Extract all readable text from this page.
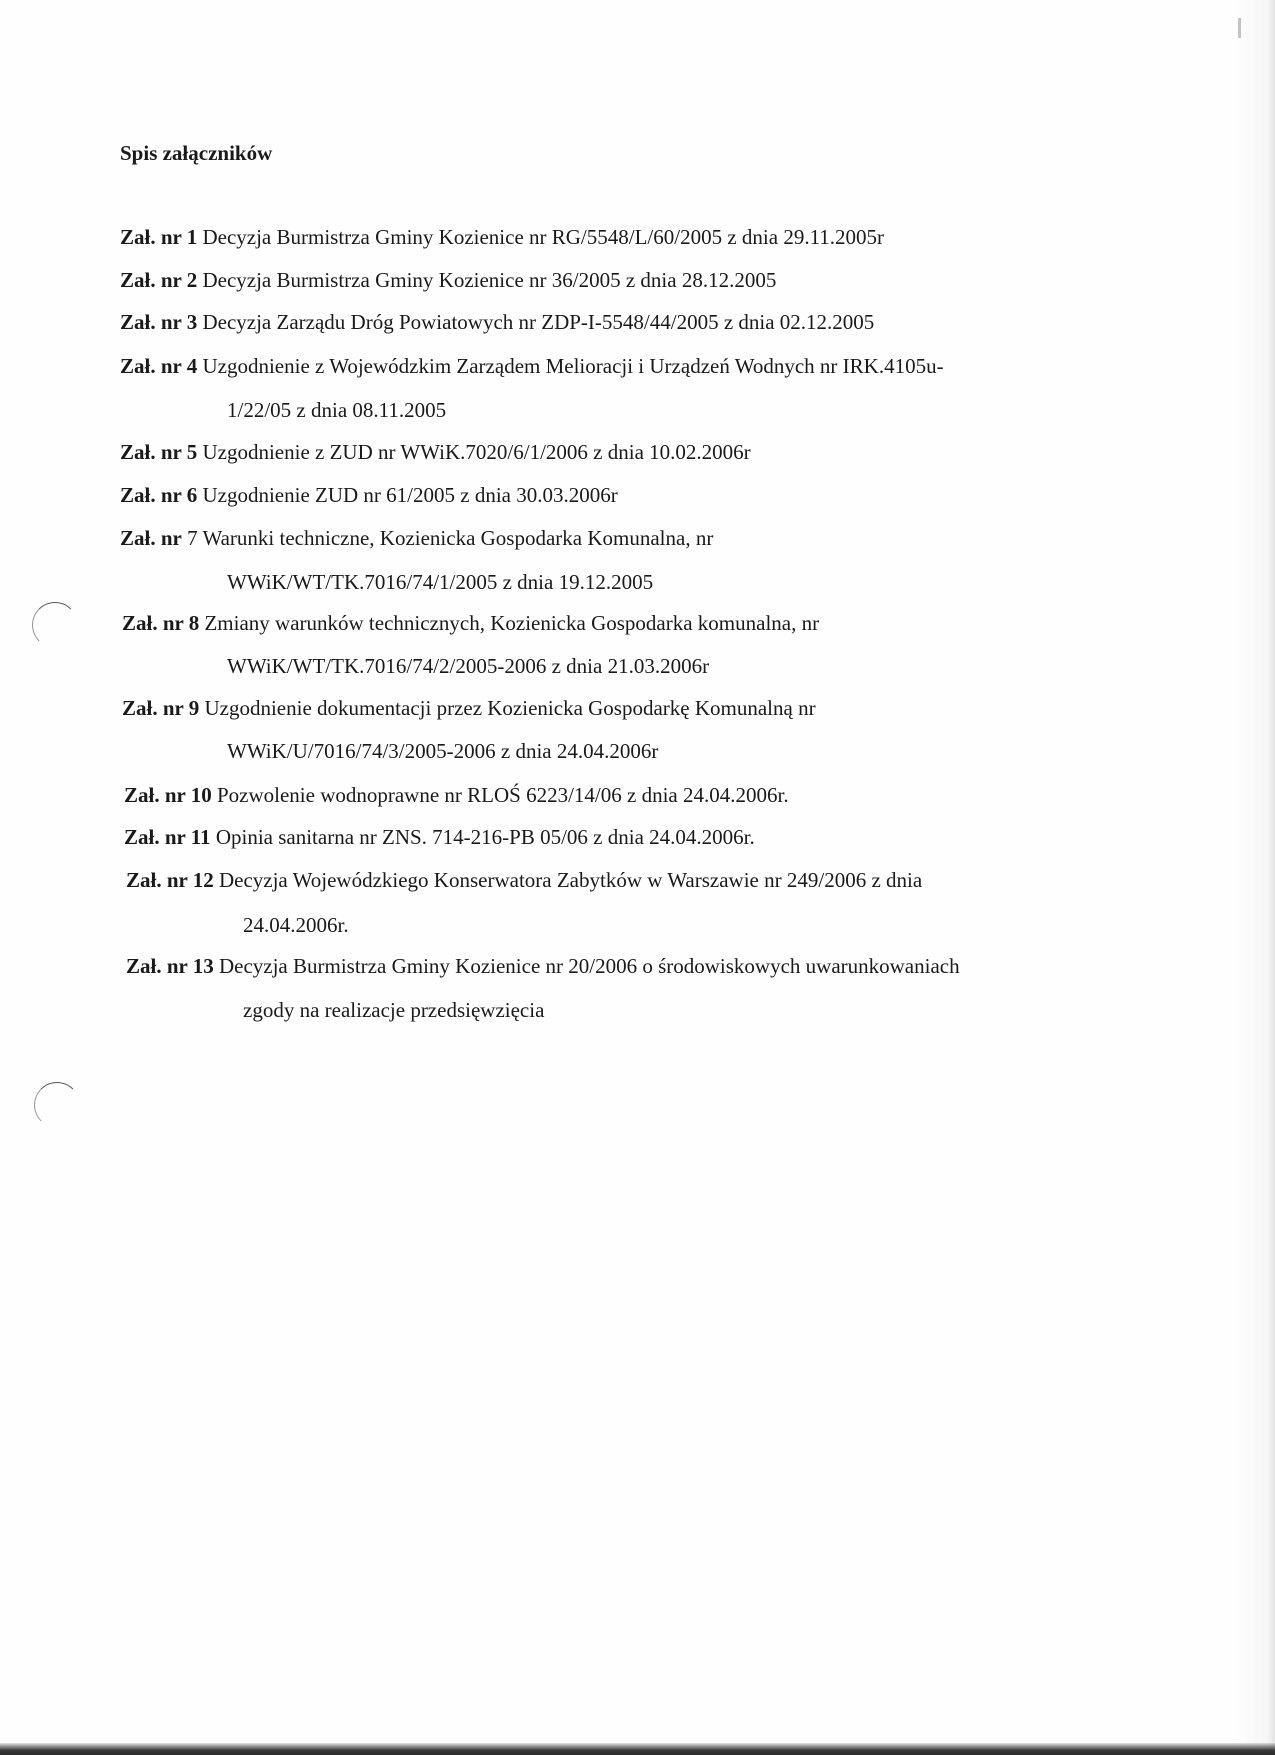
Spis załączników
Zał. nr 1 Decyzja Burmistrza Gminy Kozienice nr RG/5548/L/60/2005 z dnia 29.11.2005r
Zał. nr 2 Decyzja Burmistrza Gminy Kozienice nr 36/2005 z dnia 28.12.2005
Zał. nr 3 Decyzja Zarządu Dróg Powiatowych nr ZDP-I-5548/44/2005 z dnia 02.12.2005
Zał. nr 4 Uzgodnienie z Wojewódzkim Zarządem Melioracji i Urządzeń Wodnych nr IRK.4105u-
1/22/05 z dnia 08.11.2005
Zał. nr 5 Uzgodnienie z ZUD nr WWiK.7020/6/1/2006 z dnia 10.02.2006r
Zał. nr 6 Uzgodnienie ZUD nr 61/2005 z dnia 30.03.2006r
Zał. nr 7 Warunki techniczne, Kozienicka Gospodarka Komunalna, nr
WWiK/WT/TK.7016/74/1/2005 z dnia 19.12.2005
Zał. nr 8 Zmiany warunków technicznych, Kozienicka Gospodarka komunalna, nr
WWiK/WT/TK.7016/74/2/2005-2006 z dnia 21.03.2006r
Zał. nr 9 Uzgodnienie dokumentacji przez Kozienicka Gospodarkę Komunalną nr
WWiK/U/7016/74/3/2005-2006 z dnia 24.04.2006r
Zał. nr 10 Pozwolenie wodnoprawne nr RLOŚ 6223/14/06 z dnia 24.04.2006r.
Zał. nr 11 Opinia sanitarna nr ZNS. 714-216-PB 05/06 z dnia 24.04.2006r.
Zał. nr 12 Decyzja Wojewódzkiego Konserwatora Zabytków w Warszawie nr 249/2006 z dnia
24.04.2006r.
Zał. nr 13 Decyzja Burmistrza Gminy Kozienice nr 20/2006 o środowiskowych uwarunkowaniach
zgody na realizacje przedsięwzięcia
